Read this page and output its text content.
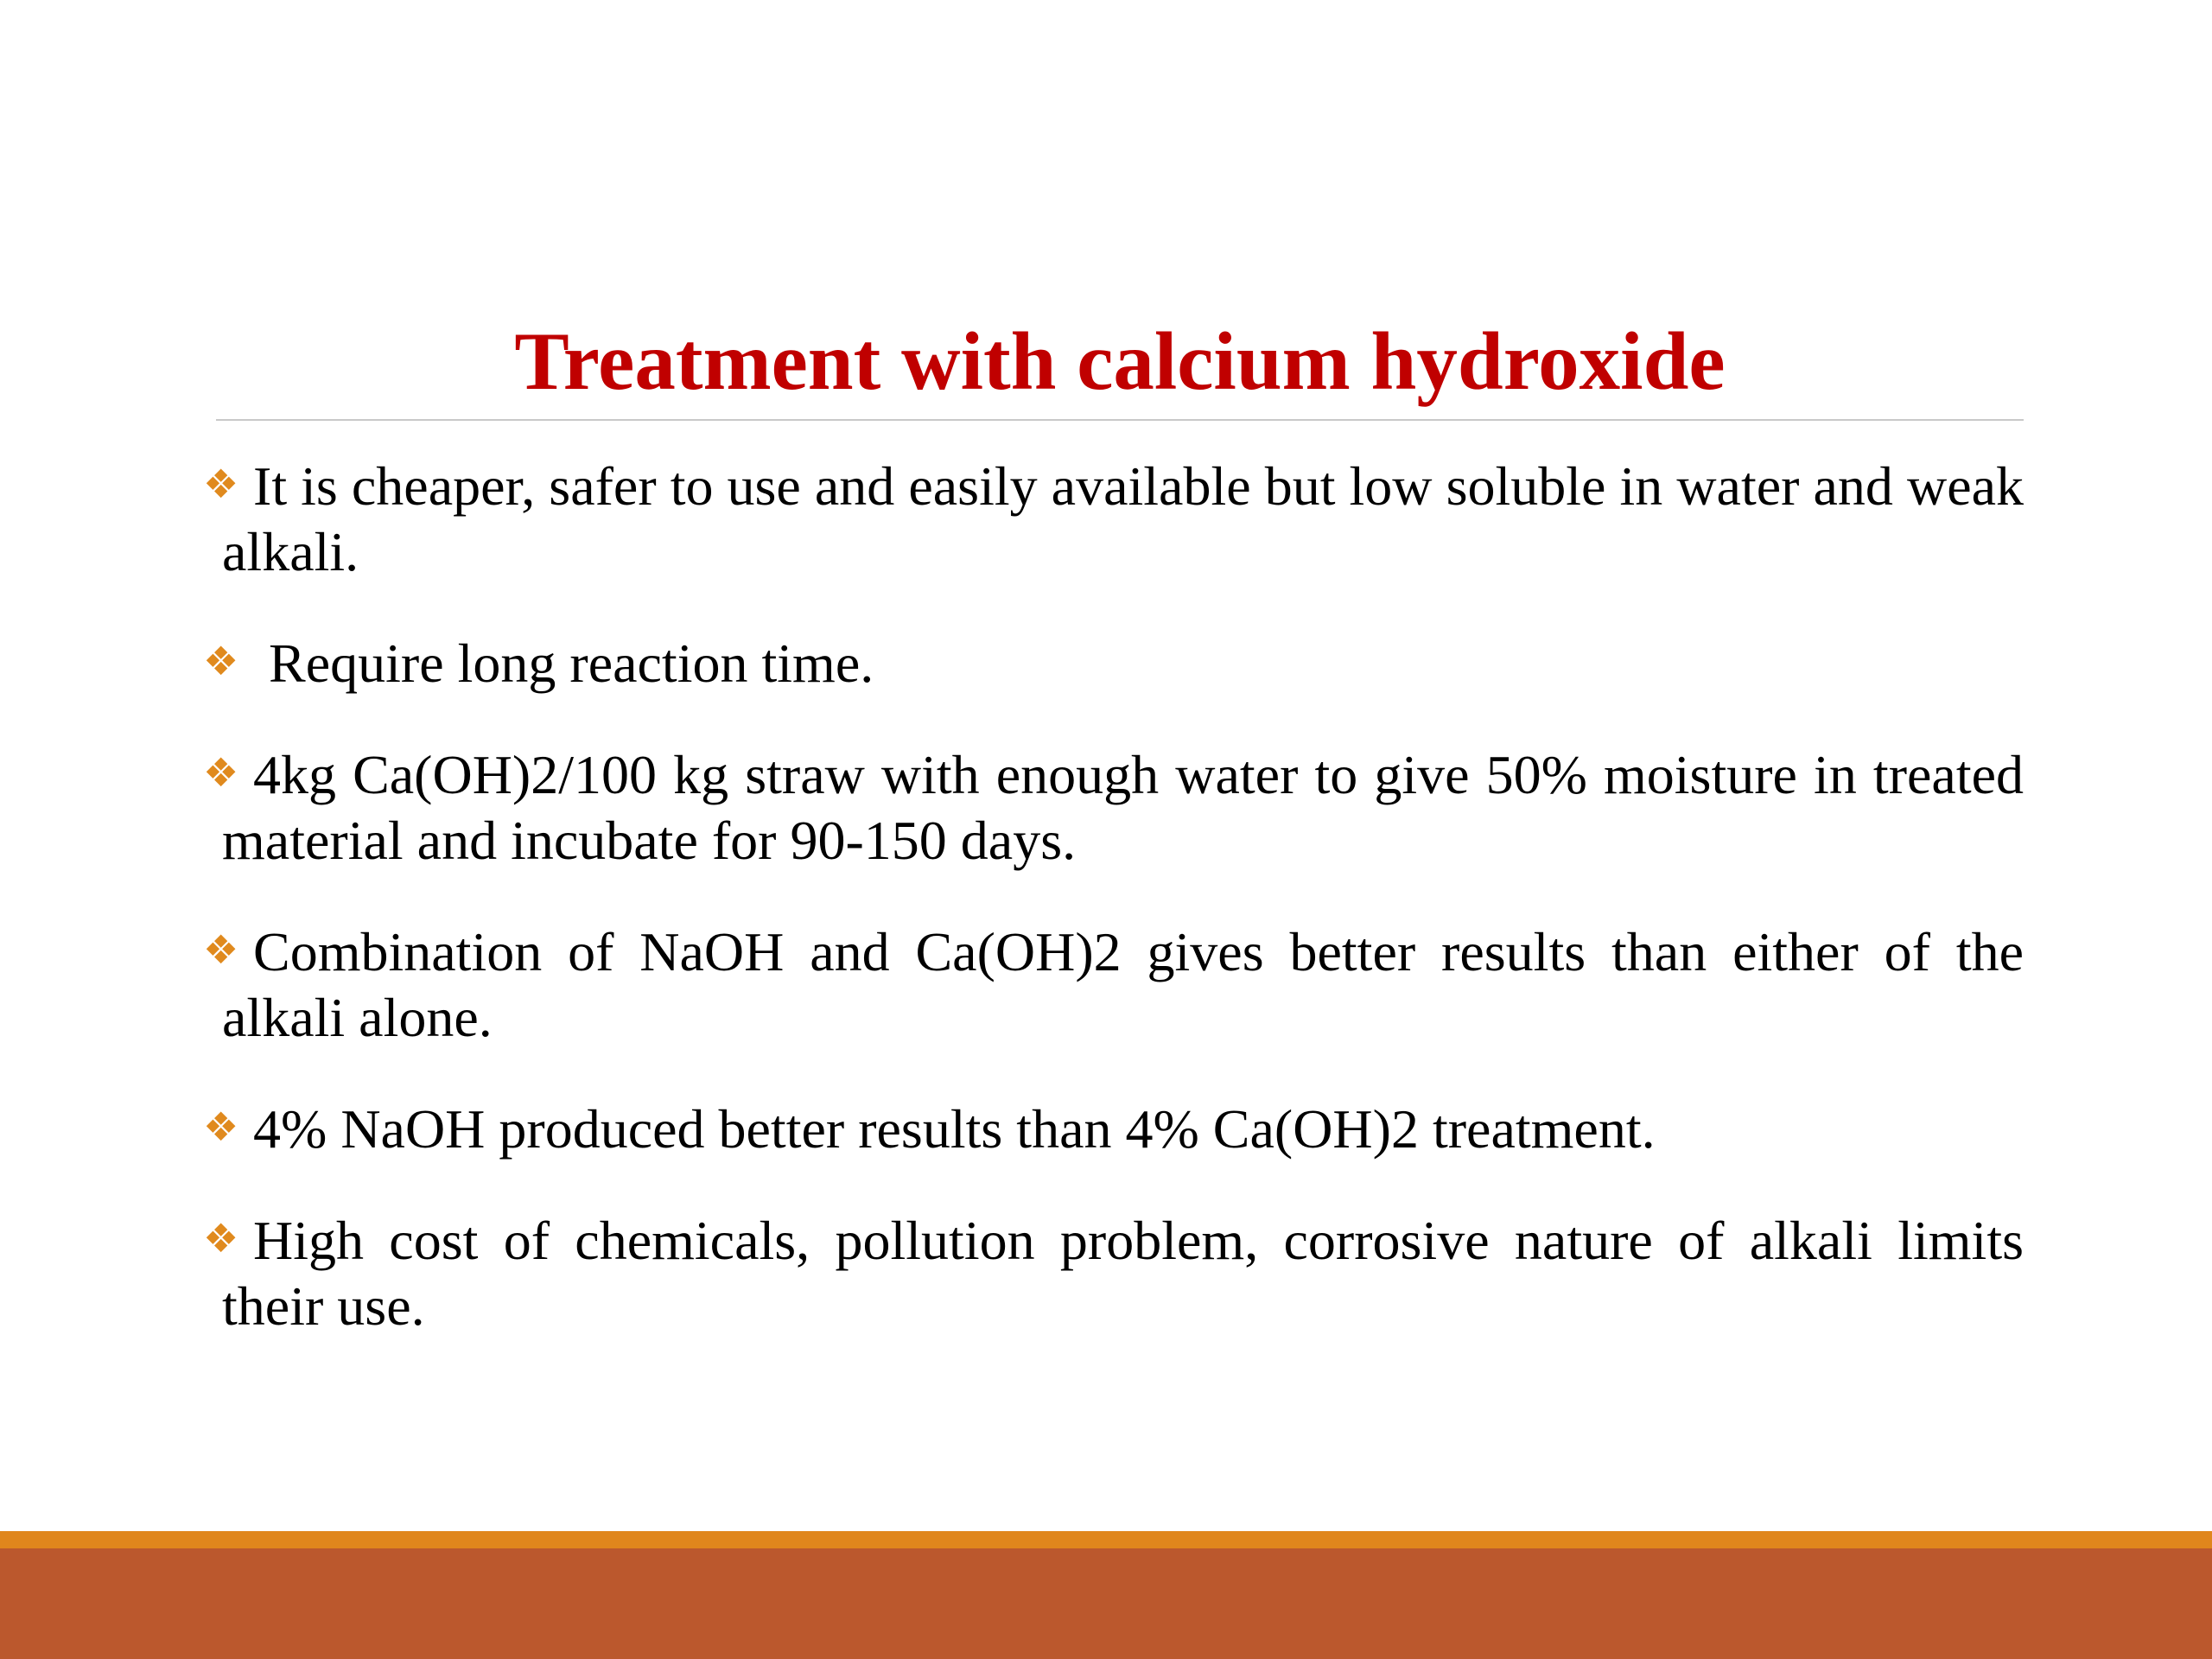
Treatment with calcium hydroxide
❖ It is cheaper, safer to use and easily available but low soluble in water and weak alkali.
❖ Require long reaction time.
❖ 4kg Ca(OH)2/100 kg straw with enough water to give 50% moisture in treated material and incubate for 90-150 days.
❖ Combination of NaOH and Ca(OH)2 gives better results than either of the alkali alone.
❖ 4% NaOH produced better results than 4% Ca(OH)2 treatment.
❖ High cost of chemicals, pollution problem, corrosive nature of alkali limits their use.
